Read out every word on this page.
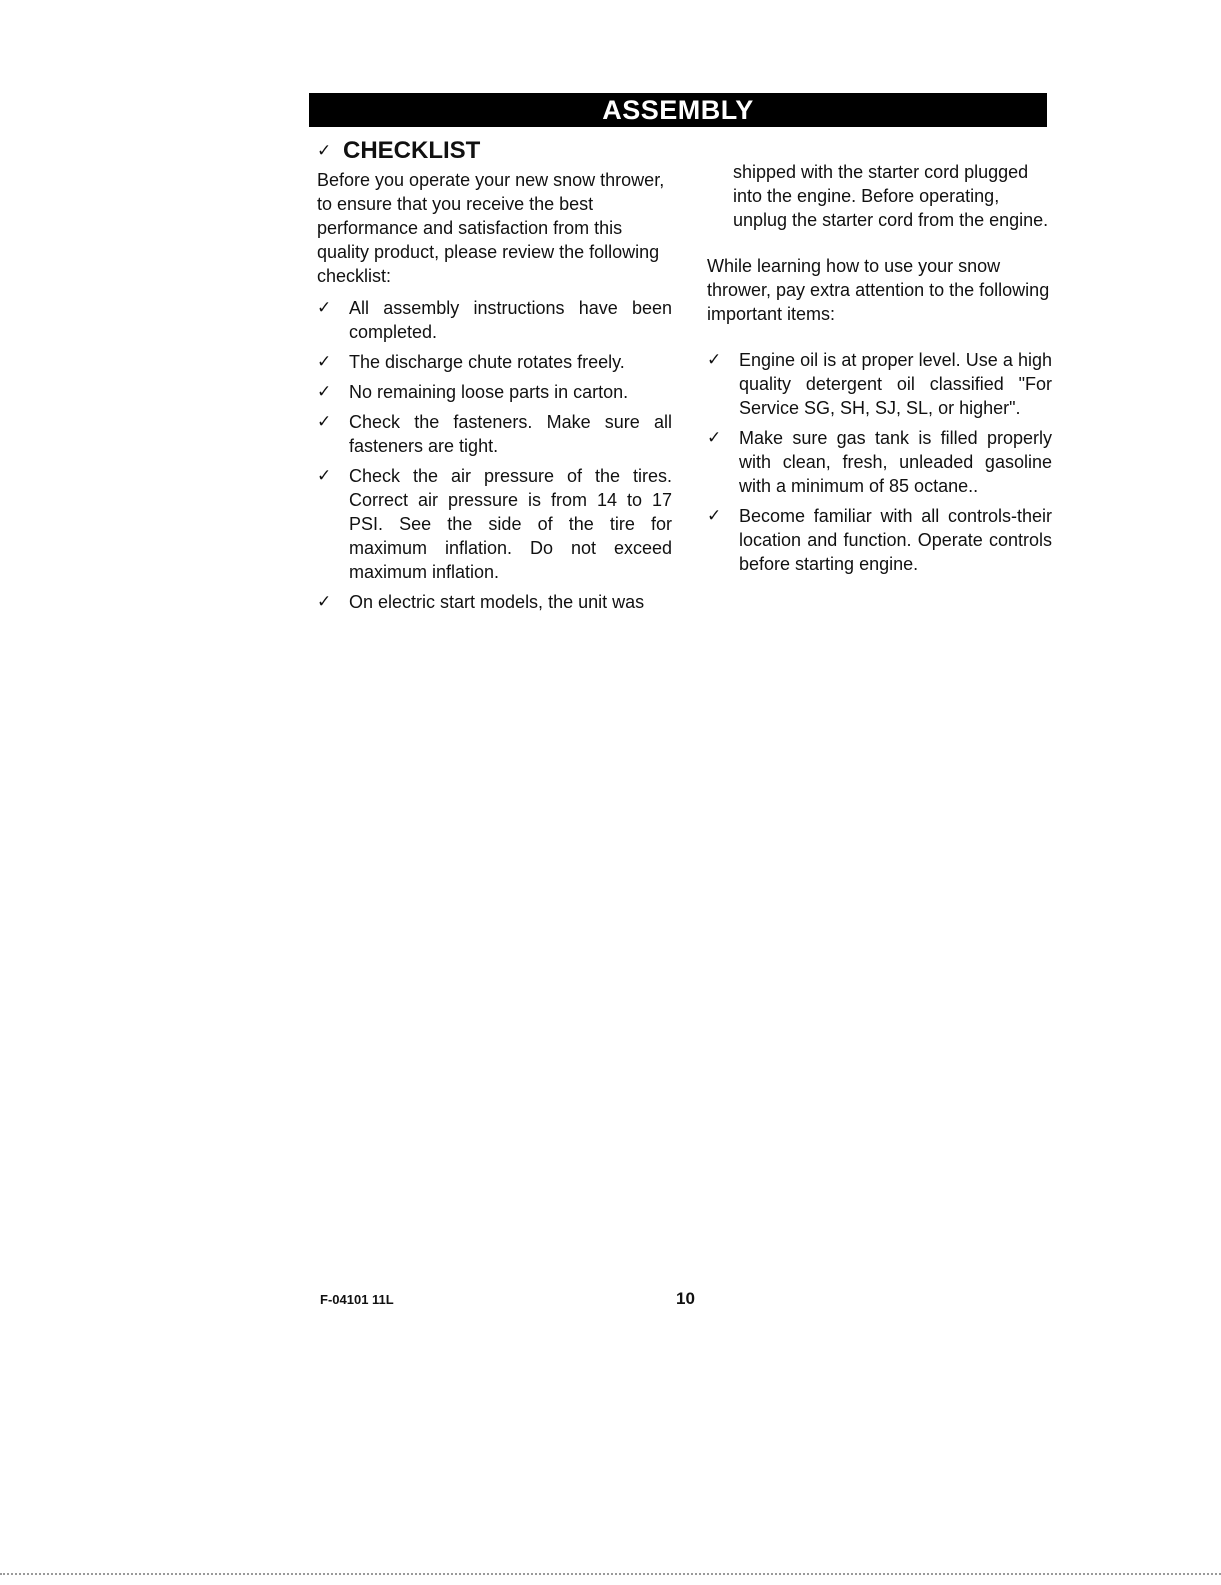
ASSEMBLY
✓ CHECKLIST

Before you operate your new snow thrower, to ensure that you receive the best performance and satisfaction from this quality product, please review the following checklist:

✓ All assembly instructions have been completed.
✓ The discharge chute rotates freely.
✓ No remaining loose parts in carton.
✓ Check the fasteners. Make sure all fasteners are tight.
✓ Check the air pressure of the tires. Correct air pressure is from 14 to 17 PSI. See the side of the tire for maximum inflation. Do not exceed maximum inflation.
✓ On electric start models, the unit was

shipped with the starter cord plugged into the engine. Before operating, unplug the starter cord from the engine.

While learning how to use your snow thrower, pay extra attention to the following important items:

✓ Engine oil is at proper level. Use a high quality detergent oil classified "For Service SG, SH, SJ, SL, or higher".
✓ Make sure gas tank is filled properly with clean, fresh, unleaded gasoline with a minimum of 85 octane..
✓ Become familiar with all controls-their location and function. Operate controls before starting engine.
F-04101 11L	10
